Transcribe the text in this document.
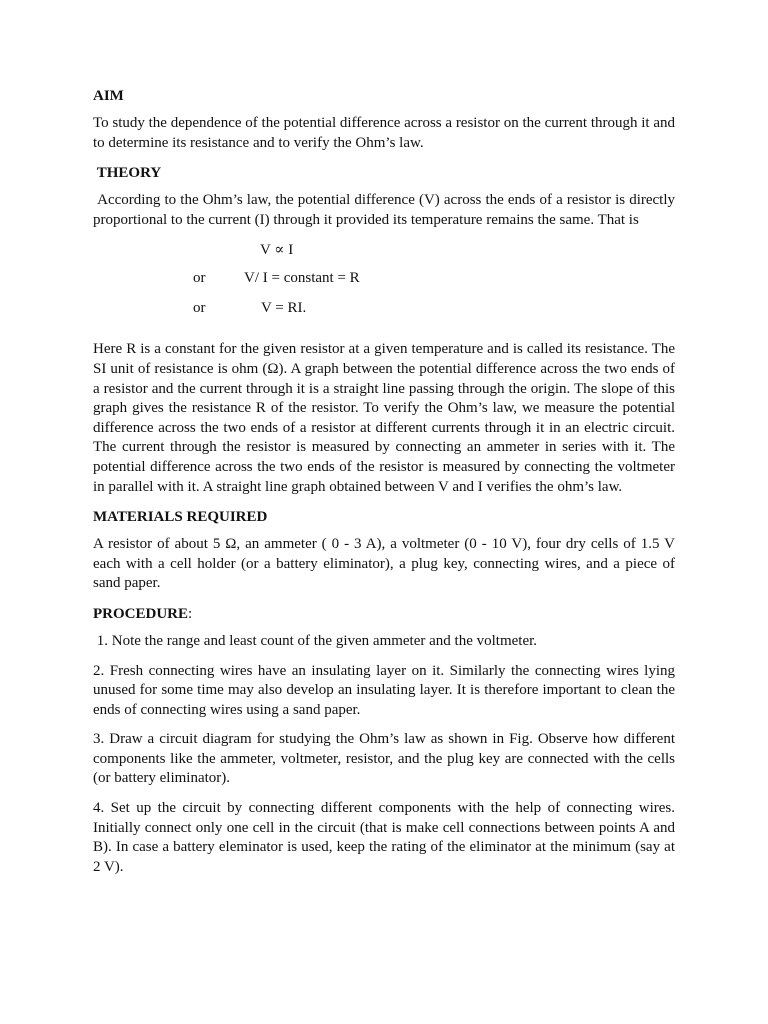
AIM
To study the dependence of the potential difference across a resistor on the current through it and to determine its resistance and to verify the Ohm’s law.
THEORY
According to the Ohm’s law, the potential difference (V) across the ends of a resistor is directly proportional to the current (I) through it provided its temperature remains the same. That is
V ∝ I
or	V/ I = constant = R
or	V = RI.
Here R is a constant for the given resistor at a given temperature and is called its resistance. The SI unit of resistance is ohm (Ω). A graph between the potential difference across the two ends of a resistor and the current through it is a straight line passing through the origin. The slope of this graph gives the resistance R of the resistor. To verify the Ohm’s law, we measure the potential difference across the two ends of a resistor at different currents through it in an electric circuit. The current through the resistor is measured by connecting an ammeter in series with it. The potential difference across the two ends of the resistor is measured by connecting the voltmeter in parallel with it. A straight line graph obtained between V and I verifies the ohm’s law.
MATERIALS REQUIRED
A resistor of about 5 Ω, an ammeter ( 0 - 3 A), a voltmeter (0 - 10 V), four dry cells of 1.5 V each with a cell holder (or a battery eliminator), a plug key, connecting wires, and a piece of sand paper.
PROCEDURE:
1. Note the range and least count of the given ammeter and the voltmeter.
2. Fresh connecting wires have an insulating layer on it. Similarly the connecting wires lying unused for some time may also develop an insulating layer. It is therefore important to clean the ends of connecting wires using a sand paper.
3. Draw a circuit diagram for studying the Ohm’s law as shown in Fig. Observe how different components like the ammeter, voltmeter, resistor, and the plug key are connected with the cells (or battery eliminator).
4. Set up the circuit by connecting different components with the help of connecting wires. Initially connect only one cell in the circuit (that is make cell connections between points A and B). In case a battery eleminator is used, keep the rating of the eliminator at the minimum (say at 2 V).
